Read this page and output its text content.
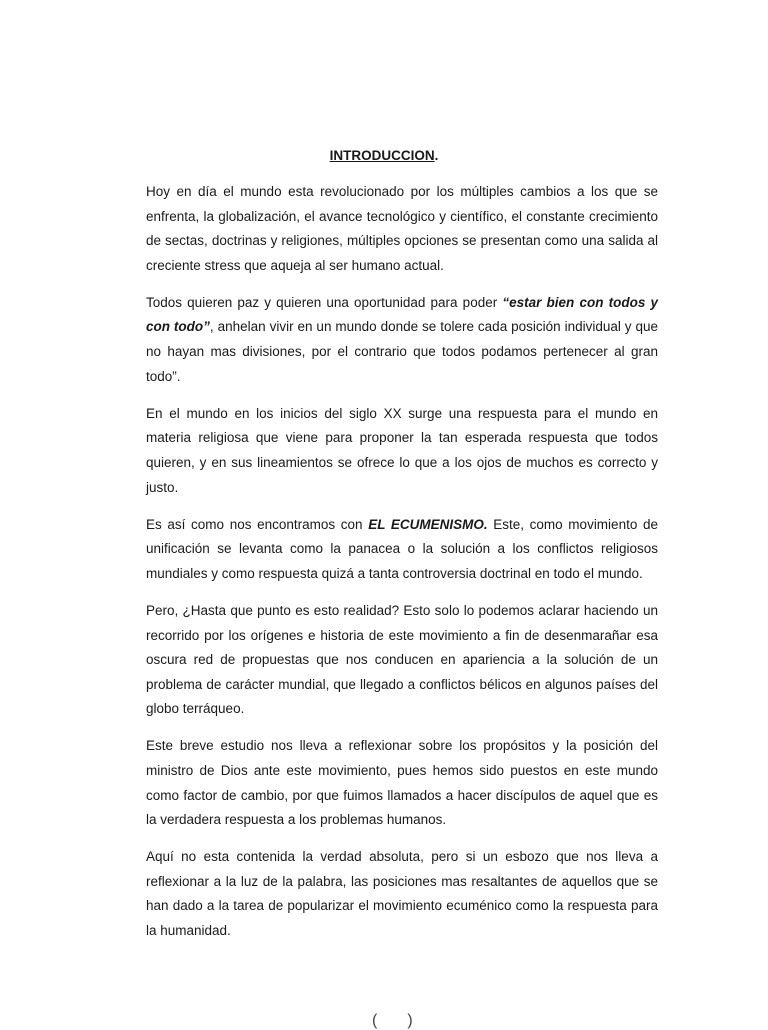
INTRODUCCION.

Hoy en día el mundo esta revolucionado por los múltiples cambios a los que se enfrenta, la globalización, el avance tecnológico y científico, el constante crecimiento de sectas, doctrinas y religiones, múltiples opciones se presentan como una salida al creciente stress que aqueja al ser humano actual.

Todos quieren paz y quieren una oportunidad para poder “estar bien con todos y con todo”, anhelan vivir en un mundo donde se tolere cada posición individual y que no hayan mas divisiones, por el contrario que todos podamos pertenecer al gran todo”.

En el mundo en los inicios del siglo XX surge una respuesta para el mundo en materia religiosa que viene para proponer la tan esperada respuesta que todos quieren, y en sus lineamientos se ofrece lo que a los ojos de muchos es correcto y justo.

Es así como nos encontramos con EL ECUMENISMO. Este, como movimiento de unificación se levanta como la panacea o la solución a los conflictos religiosos mundiales y como respuesta quizá a tanta controversia doctrinal en todo el mundo.

Pero, ¿Hasta que punto es esto realidad? Esto solo lo podemos aclarar haciendo un recorrido por los orígenes e historia de este movimiento a fin de desenmarañar esa oscura red de propuestas que nos conducen en apariencia a la solución de un problema de carácter mundial, que llegado a conflictos bélicos en algunos países del globo terráqueo.

Este breve estudio nos lleva a reflexionar sobre los propósitos y la posición del ministro de Dios ante este movimiento, pues hemos sido puestos en este mundo como factor de cambio, por que fuimos llamados a hacer discípulos de aquel que es la verdadera respuesta a los problemas humanos.

Aquí no esta contenida la verdad absoluta, pero si un esbozo que nos lleva a reflexionar a la luz de la palabra, las posiciones mas resaltantes de aquellos que se han dado a la tarea de popularizar el movimiento ecuménico como la respuesta para la humanidad.

()
